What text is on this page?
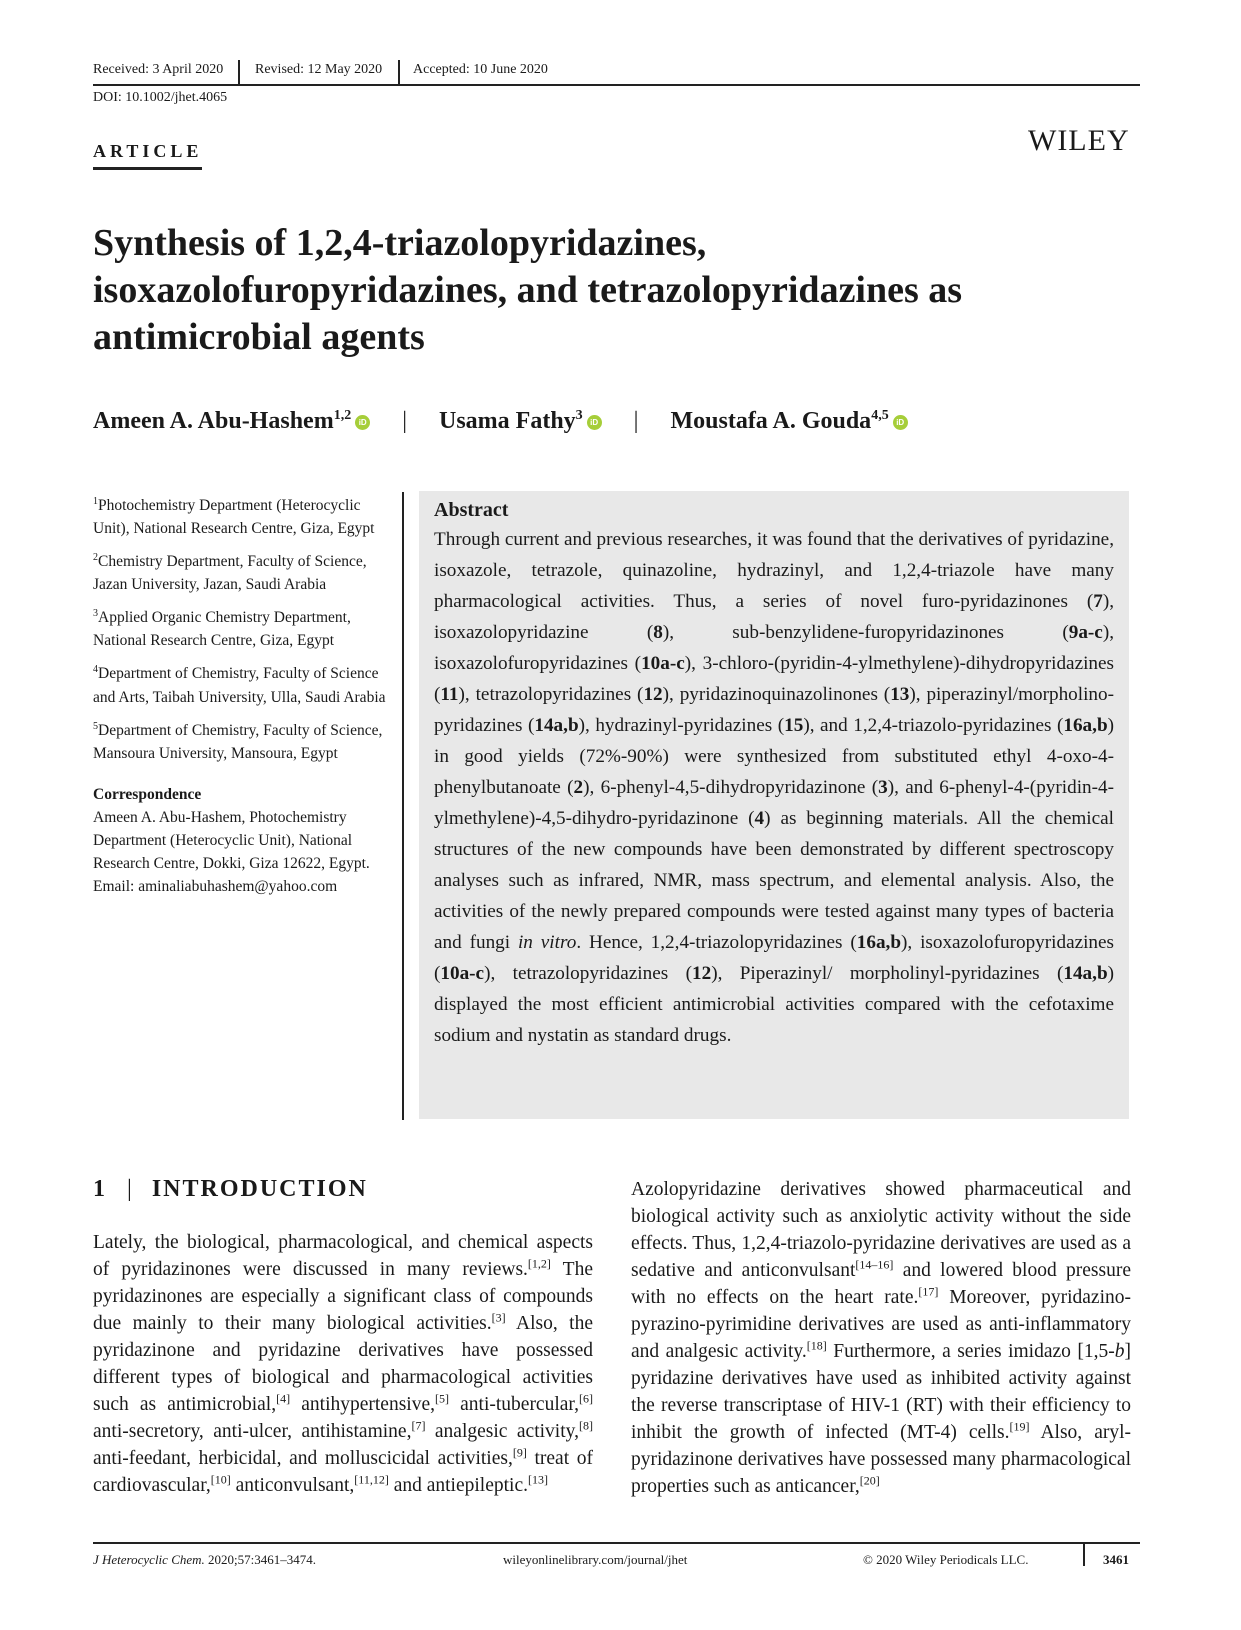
Received: 3 April 2020 Revised: 12 May 2020 Accepted: 10 June 2020
DOI: 10.1002/jhet.4065
ARTICLE	WILEY
Synthesis of 1,2,4-triazolopyridazines, isoxazolofuropyridazines, and tetrazolopyridazines as antimicrobial agents
Ameen A. Abu-Hashem$^{1,2}$ iD | Usama Fathy$^3$ iD | Moustafa A. Gouda$^{4,5}$ iD

$^1$Photochemistry Department (Heterocyclic Unit), National Research Centre, Giza, Egypt

$^2$Chemistry Department, Faculty of Science, Jazan University, Jazan, Saudi Arabia

$^3$Applied Organic Chemistry Department, National Research Centre, Giza, Egypt

$^4$Department of Chemistry, Faculty of Science and Arts, Taibah University, Ulla, Saudi Arabia

$^5$Department of Chemistry, Faculty of Science, Mansoura University, Mansoura, Egypt

Correspondence
Ameen A. Abu-Hashem, Photochemistry Department (Heterocyclic Unit), National Research Centre, Dokki, Giza 12622, Egypt.
Email: aminaliabuhashem@yahoo.com
Abstract

Through current and previous researches, it was found that the derivatives of pyridazine, isoxazole, tetrazole, quinazoline, hydrazinyl, and 1,2,4-triazole have many pharmacological activities. Thus, a series of novel furo-pyridazinones (7), isoxazolopyridazine (8), sub-benzylidene-furopyridazinones (9a-c), isoxazolofuropyridazines (10a-c), 3-chloro-(pyridin-4-ylmethylene)-dihydropyridazines (11), tetrazolopyridazines (12), pyridazinoquinazolinones (13), piperazinyl/morpholino-pyridazines (14a,b), hydrazinyl-pyridazines (15), and 1,2,4-triazolo-pyridazines (16a,b) in good yields (72%-90%) were synthesized from substituted ethyl 4-oxo-4-phenylbutanoate (2), 6-phenyl-4,5-dihydropyridazinone (3), and 6-phenyl-4-(pyridin-4-ylmethylene)-4,5-dihydro-pyridazinone (4) as beginning materials. All the chemical structures of the new compounds have been demonstrated by different spectroscopy analyses such as infrared, NMR, mass spectrum, and elemental analysis. Also, the activities of the newly prepared compounds were tested against many types of bacteria and fungi in vitro. Hence, 1,2,4-triazolopyridazines (16a,b), isoxazolofuropyridazines (10a-c), tetrazolopyridazines (12), Piperazinyl/ morpholinyl-pyridazines (14a,b) displayed the most efficient antimicrobial activities compared with the cefotaxime sodium and nystatin as standard drugs.

1 | INTRODUCTION

Lately, the biological, pharmacological, and chemical aspects of pyridazinones were discussed in many reviews.[1,2] The pyridazinones are especially a significant class of compounds due mainly to their many biological activities.[3] Also, the pyridazinone and pyridazine derivatives have possessed different types of biological and pharmacological activities such as antimicrobial,[4] antihypertensive,[5] anti-tubercular,[6] anti-secretory, anti-ulcer, antihistamine,[7] analgesic activity,[8] anti-feedant, herbicidal, and molluscicidal activities,[9] treat of cardiovascular,[10] anticonvulsant,[11,12] and antiepileptic.[13]

Azolopyridazine derivatives showed pharmaceutical and biological activity such as anxiolytic activity without the side effects. Thus, 1,2,4-triazolo-pyridazine derivatives are used as a sedative and anticonvulsant[14–16] and lowered blood pressure with no effects on the heart rate.[17] Moreover, pyridazino-pyrazino-pyrimidine derivatives are used as anti-inflammatory and analgesic activity.[18] Furthermore, a series imidazo [1,5-b] pyridazine derivatives have used as inhibited activity against the reverse transcriptase of HIV-1 (RT) with their efficiency to inhibit the growth of infected (MT-4) cells.[19] Also, aryl-pyridazinone derivatives have possessed many pharmacological properties such as anticancer,[20]

J Heterocyclic Chem. 2020;57:3461–3474.	wileyonlinelibrary.com/journal/jhet	© 2020 Wiley Periodicals LLC.	3461
